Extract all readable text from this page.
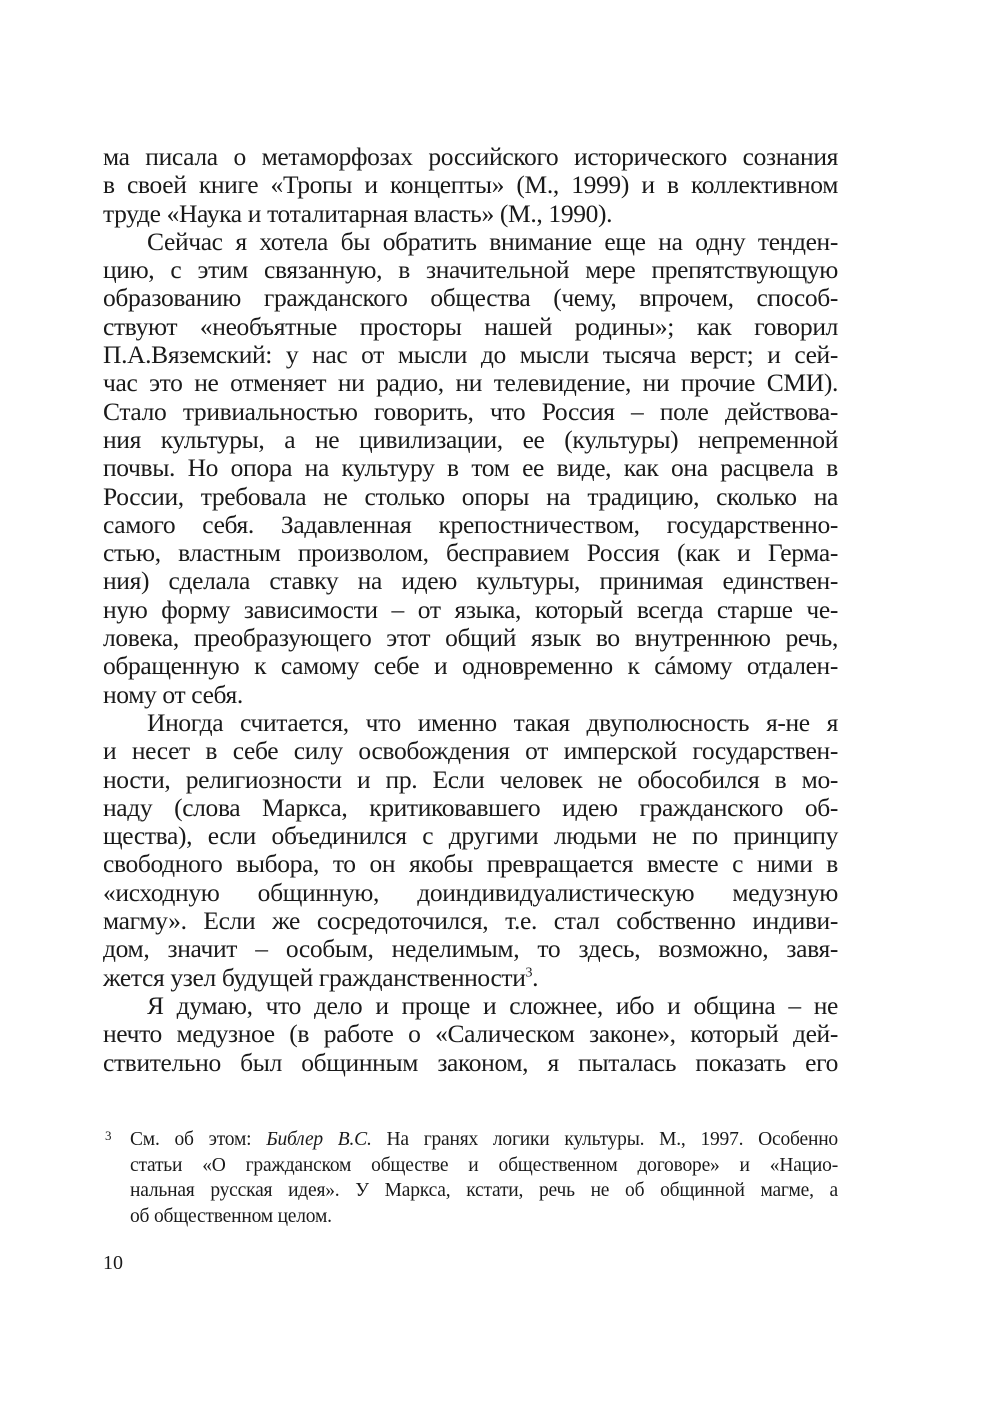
ма писала о метаморфозах российского исторического сознания
в своей книге «Тропы и концепты» (М., 1999) и в коллективном
труде «Наука и тоталитарная власть» (М., 1990).
Сейчас я хотела бы обратить внимание еще на одну тенден-
цию, с этим связанную, в значительной мере препятствующую
образованию гражданского общества (чему, впрочем, способ-
ствуют «необъятные просторы нашей родины»; как говорил
П.А.Вяземский: у нас от мысли до мысли тысяча верст; и сей-
час это не отменяет ни радио, ни телевидение, ни прочие СМИ).
Стало тривиальностью говорить, что Россия – поле действова-
ния культуры, а не цивилизации, ее (культуры) непременной
почвы. Но опора на культуру в том ее виде, как она расцвела в
России, требовала не столько опоры на традицию, сколько на
самого себя. Задавленная крепостничеством, государственно-
стью, властным произволом, бесправием Россия (как и Герма-
ния) сделала ставку на идею культуры, принимая единствен-
ную форму зависимости – от языка, который всегда старше че-
ловека, преобразующего этот общий язык во внутреннюю речь,
обращенную к самому себе и одновременно к сáмому отдален-
ному от себя.
Иногда считается, что именно такая двуполюсность я-не я
и несет в себе силу освобождения от имперской государствен-
ности, религиозности и пр. Если человек не обособился в мо-
наду (слова Маркса, критиковавшего идею гражданского об-
щества), если объединился с другими людьми не по принципу
свободного выбора, то он якобы превращается вместе с ними в
«исходную общинную, доиндивидуалистическую медузную
магму». Если же сосредоточился, т.е. стал собственно индиви-
дом, значит – особым, неделимым, то здесь, возможно, завя-
жется узел будущей гражданственности$^3$.
Я думаю, что дело и проще и сложнее, ибо и община – не
нечто медузное (в работе о «Салическом законе», который дей-
ствительно был общинным законом, я пыталась показать его
3 См. об этом: Библер В.С. На гранях логики культуры. М., 1997. Особенно
статьи «О гражданском обществе и общественном договоре» и «Нацио-
нальная русская идея». У Маркса, кстати, речь не об общинной магме, а
об общественном целом.
10
